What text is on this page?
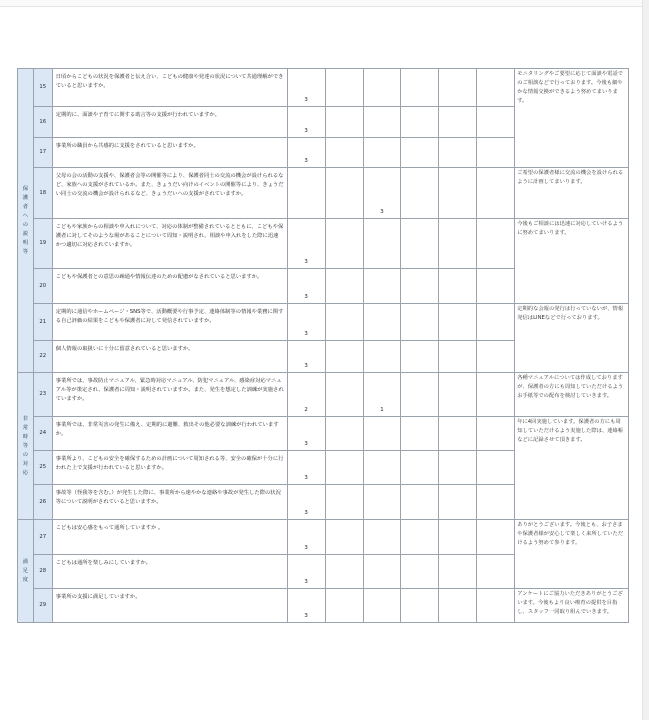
保護者への説明等	15	日頃からこどもの状況を保護者と伝え合い、こどもの健康や発達の状況について共通理解ができていると思いますか。	3						モニタリングやご要望に応じて面談や電話でのご相談などで行っております。今後も細やかな情報交換ができるよう努めてまいります。

	16	定期的に、面談や子育てに関する助言等の支援が行われていますか。	3						

	17	事業所の職員から共感的に支援をされていると思いますか。	3						

	18	父母の会の活動の支援や、保護者会等の開催等により、保護者同士の交流の機会が設けられるなど、家族への支援がされているか。また、きょうだい向けのイベントの開催等により、きょうだい同士の交流の機会が設けられるなど、きょうだいへの支援がされていますか。			3				ご希望の保護者様に交流の機会を設けられるように計画してまいります。

	19	こどもや家族からの相談や申入れについて、対応の体制が整備されているとともに、こどもや保護者に対してそのような場があることについて周知・説明され、相談や申入れをした際に迅速かつ適切に対応されていますか。	3						今後もご相談には迅速に対応していけるように努めてまいります。

	20	こどもや保護者との意思の疎通や情報伝達のための配慮がなされていると思いますか。	3						

	21	定期的に通信やホームページ・SNS等で、活動概要や行事予定、連絡体制等の情報や業務に関する自己評価の結果をこどもや保護者に対して発信されていますか。	3						定期的な会報の発行は行っていないが、情報発信はLINEなどで行っております。

	22	個人情報の取扱いに十分に留意されていると思いますか。	3						

非常時等の対応	23	事業所では、事故防止マニュアル、緊急時対応マニュアル、防犯マニュアル、感染症対応マニュアル等が策定され、保護者に周知・説明されていますか。また、発生を想定した訓練が実施されていますか。	2		1				各種マニュアルについては作成しておりますが、保護者の方にも周知していただけるようお手紙等での配布を検討していきます。

	24	事業所では、非常災害の発生に備え、定期的に避難、救出その他必要な訓練が行われていますか。	3						年に4回実施しています。保護者の方にも周知していただけるよう実施した際は、連絡帳などに記録させて頂きます。

	25	事業所より、こどもの安全を確保するための計画について周知される等、安全の確保が十分に行われた上で支援が行われていると思いますか。	3						

	26	事故等（怪我等を含む。）が発生した際に、事業所から速やかな連絡や事故が発生した際の状況等について説明がされていると思いますか。	3						

満足度	27	こどもは安心感をもって通所していますか 。	3						ありがとうございます。今後とも、お子さまや保護者様が安心して楽しく来所していただけるよう努めて参ります。

	28	こどもは通所を楽しみにしていますか。	3						

	29	事業所の支援に満足していますか。	3						アンケートにご協力いただきありがとうございます。今後もより良い療育の提供を目指し、スタッフ一同取り組んでいきます。
